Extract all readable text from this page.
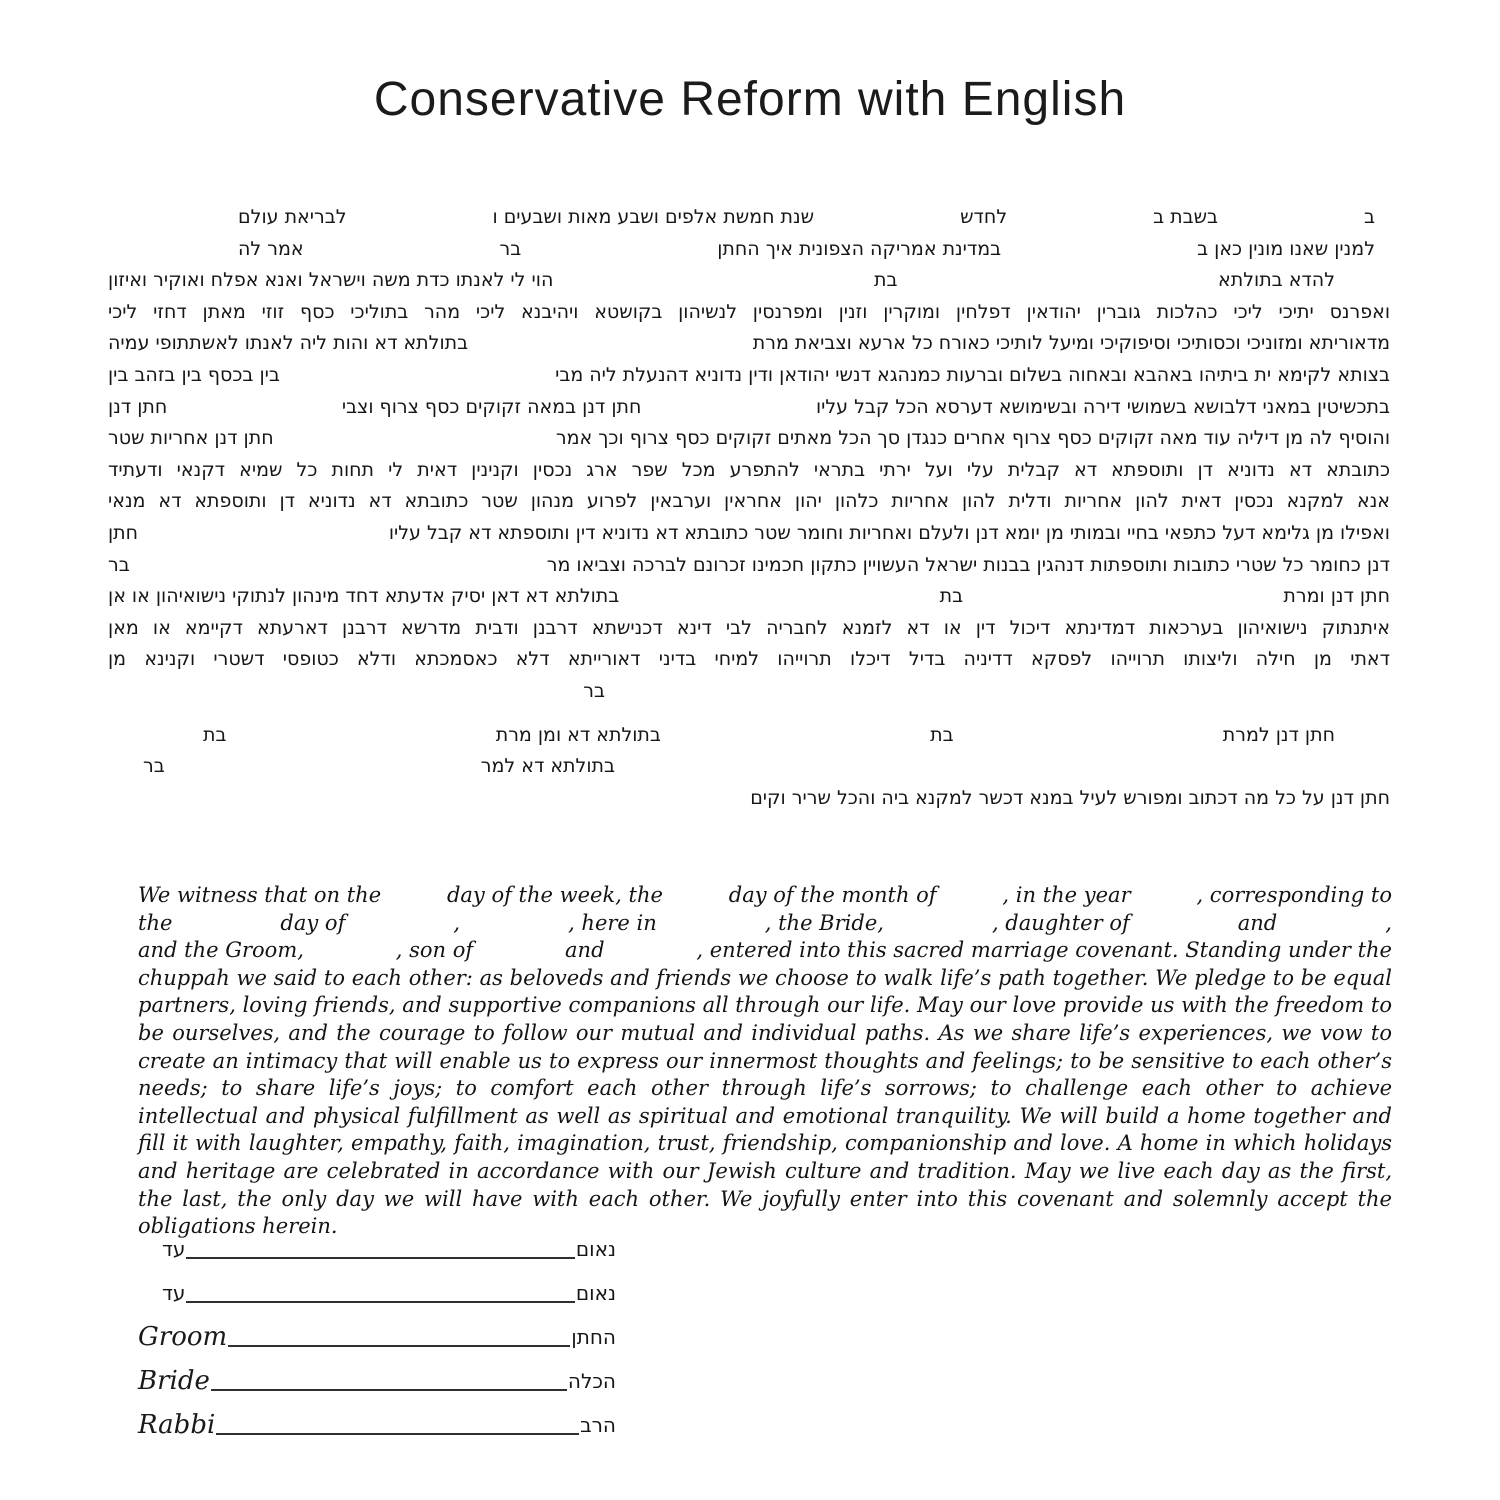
Conservative Reform with English
ב
בשבת ב
לחדש
שנת חמשת אלפים ושבע מאות ושבעים ו
לבריאת עולם
למנין שאנו מונין כאן ב
במדינת אמריקה הצפונית איך החתן
בר
אמר לה
להדא בתולתא
בת
הוי לי לאנתו כדת משה וישראל ואנא אפלח ואוקיר ואיזון
ואפרנס יתיכי ליכי כהלכות גוברין יהודאין דפלחין ומוקרין וזנין ומפרנסין לנשיהון בקושטא ויהיבנא ליכי מהר בתוליכי כסף זוזי מאתן דחזי ליכי
מדאוריתא ומזוניכי וכסותיכי וסיפוקיכי ומיעל לותיכי כאורח כל ארעא וצביאת מרת
בתולתא דא והות ליה לאנתו לאשתתופי עמיה
בצותא לקימא ית ביתיהו באהבא ובאחוה בשלום וברעות כמנהגא דנשי יהודאן ודין נדוניא דהנעלת ליה מבי
בין בכסף בין בזהב בין
בתכשיטין במאני דלבושא בשמושי דירה ובשימושא דערסא הכל קבל עליו
חתן דנן במאה זקוקים כסף צרוף וצבי
חתן דנן
והוסיף לה מן דיליה עוד מאה זקוקים כסף צרוף אחרים כנגדן סך הכל מאתים זקוקים כסף צרוף וכך אמר
חתן דנן אחריות שטר
כתובתא דא נדוניא דן ותוספתא דא קבלית עלי ועל ירתי בתראי להתפרע מכל שפר ארג נכסין וקנינין דאית לי תחות כל שמיא דקנאי ודעתיד
אנא למקנא נכסין דאית להון אחריות ודלית להון אחריות כלהון יהון אחראין וערבאין לפרוע מנהון שטר כתובתא דא נדוניא דן ותוספתא דא מנאי
ואפילו מן גלימא דעל כתפאי בחיי ובמותי מן יומא דנן ולעלם ואחריות וחומר שטר כתובתא דא נדוניא דין ותוספתא דא קבל עליו
חתן
דנן כחומר כל שטרי כתובות ותוספתות דנהגין בבנות ישראל העשויין כתקון חכמינו זכרונם לברכה וצביאו מר
בר
חתן דנן ומרת
בת
בתולתא דא דאן יסיק אדעתא דחד מינהון לנתוקי נישואיהון או אן
איתנתוק נישואיהון בערכאות דמדינתא דיכול דין או דא לזמנא לחבריה לבי דינא דכנישתא דרבנן ודבית מדרשא דרבנן דארעתא דקיימא או מאן
דאתי מן חילה וליצותו תרוייהו לפסקא דדיניה בדיל דיכלו תרוייהו למיחי בדיני דאורייתא דלא כאסמכתא ודלא כטופסי דשטרי וקנינא מן
בר
חתן דנן למרת
בת
בתולתא דא ומן מרת
בת
בתולתא דא למר
בר
חתן דנן על כל מה דכתוב ומפורש לעיל במנא דכשר למקנא ביה והכל שריר וקים
We witness that on the	day of the week, the	day of the month of	, in the year	, corresponding to
the	day of	,	, here in	, the Bride,	, daughter of	and	,
and the Groom,	, son of	and	, entered into this sacred marriage covenant. Standing under the

chuppah we said to each other: as beloveds and friends we choose to walk life’s path together. We pledge to be equal partners, loving friends, and supportive companions all through our life. May our love provide us with the freedom to be ourselves, and the courage to follow our mutual and individual paths. As we share life’s experiences, we vow to create an intimacy that will enable us to express our innermost thoughts and feelings; to be sensitive to each other’s needs; to share life’s joys; to comfort each other through life’s sorrows; to challenge each other to achieve intellectual and physical fulfillment as well as spiritual and emotional tranquility. We will build a home together and fill it with laughter, empathy, faith, imagination, trust, friendship, companionship and love. A home in which holidays and heritage are celebrated in accordance with our Jewish culture and tradition. May we live each day as the first, the last, the only day we will have with each other. We joyfully enter into this covenant and solemnly accept the obligations herein.

עד	נאום
עד	נאום
Groom	החתן
Bride	הכלה
Rabbi	הרב
